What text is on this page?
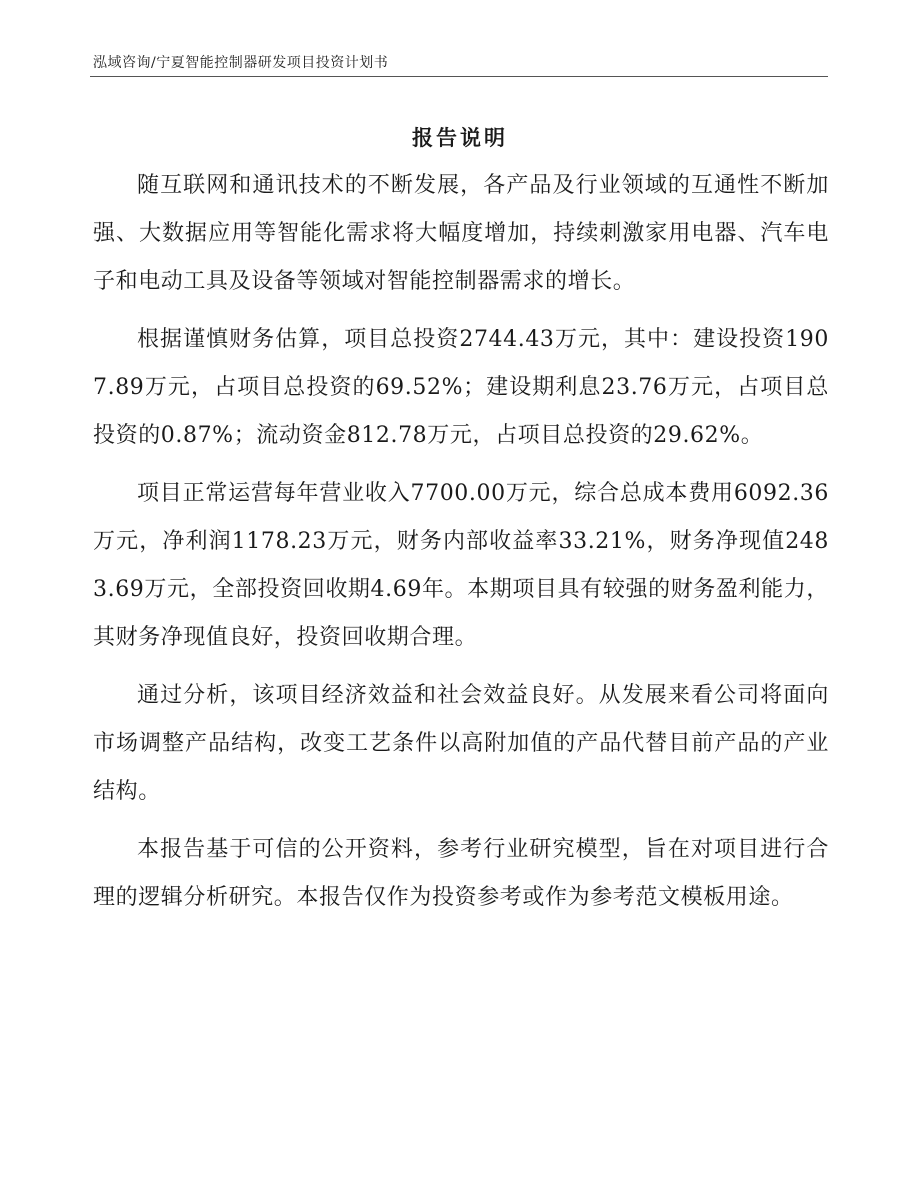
泓域咨询/宁夏智能控制器研发项目投资计划书
报告说明

随互联网和通讯技术的不断发展，各产品及行业领域的互通性不断加强、大数据应用等智能化需求将大幅度增加，持续刺激家用电器、汽车电子和电动工具及设备等领域对智能控制器需求的增长。

根据谨慎财务估算，项目总投资2744.43万元，其中：建设投资1907.89万元，占项目总投资的69.52%；建设期利息23.76万元，占项目总投资的0.87%；流动资金812.78万元，占项目总投资的29.62%。

项目正常运营每年营业收入7700.00万元，综合总成本费用6092.36万元，净利润1178.23万元，财务内部收益率33.21%，财务净现值2483.69万元，全部投资回收期4.69年。本期项目具有较强的财务盈利能力，其财务净现值良好，投资回收期合理。

通过分析，该项目经济效益和社会效益良好。从发展来看公司将面向市场调整产品结构，改变工艺条件以高附加值的产品代替目前产品的产业结构。

本报告基于可信的公开资料，参考行业研究模型，旨在对项目进行合理的逻辑分析研究。本报告仅作为投资参考或作为参考范文模板用途。
